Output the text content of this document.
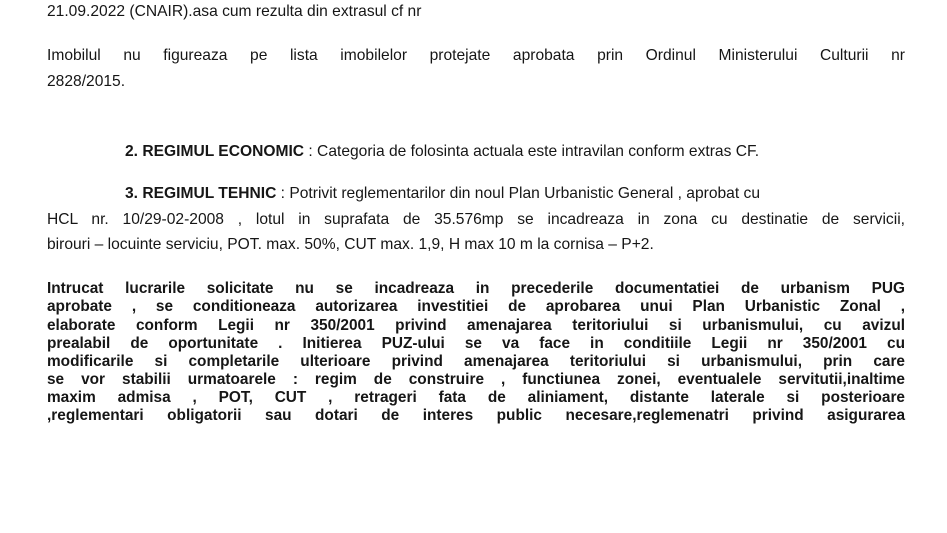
21.09.2022 (CNAIR).asa cum rezulta din extrasul cf nr
Imobilul nu figureaza pe lista imobilelor protejate aprobata prin Ordinul Ministerului Culturii nr
2828/2015.
2. REGIMUL ECONOMIC : Categoria de folosinta actuala este intravilan conform extras CF.
3. REGIMUL TEHNIC : Potrivit reglementarilor din noul Plan Urbanistic General , aprobat cu
HCL nr. 10/29-02-2008 , lotul in suprafata de 35.576mp se incadreaza in zona cu destinatie de servicii,
birouri – locuinte serviciu, POT. max. 50%, CUT max. 1,9, H max 10 m la cornisa – P+2.
Intrucat lucrarile solicitate nu se incadreaza in precederile documentatiei de urbanism PUG
aprobate , se conditioneaza autorizarea investitiei de aprobarea unui Plan Urbanistic Zonal ,
elaborate conform Legii nr 350/2001 privind amenajarea teritoriului si urbanismului, cu avizul
prealabil de oportunitate . Initierea PUZ-ului se va face in conditiile Legii nr 350/2001 cu
modificarile si completarile ulterioare privind amenajarea teritoriului si urbanismului, prin care
se vor stabilii urmatoarele : regim de construire , functiunea zonei, eventualele servitutii,inaltime
maxim admisa , POT, CUT , retrageri fata de aliniament, distante laterale si posterioare
,reglementari obligatorii sau dotari de interes public necesare,reglemenatri privind asigurarea
